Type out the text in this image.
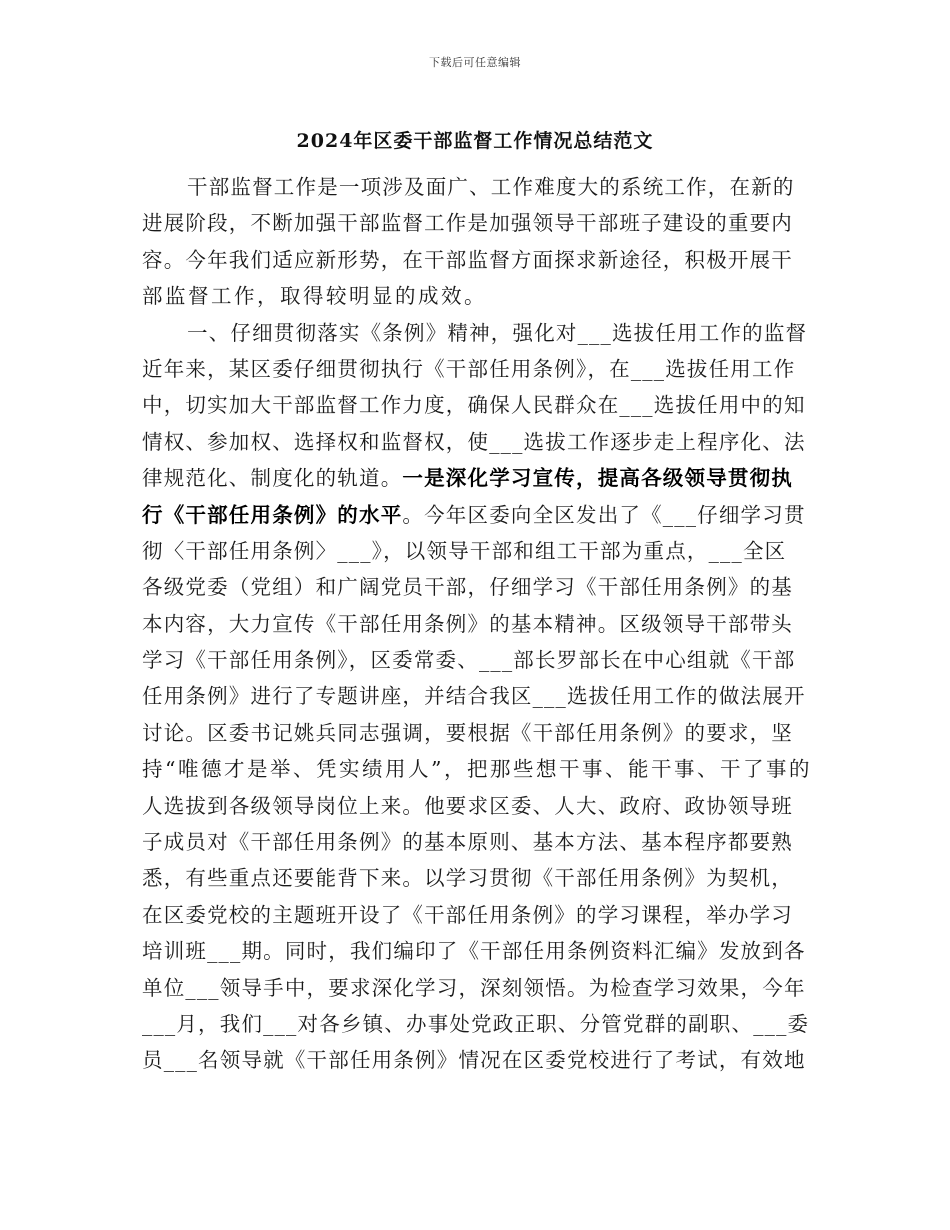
下载后可任意编辑
2024年区委干部监督工作情况总结范文
干部监督工作是一项涉及面广、工作难度大的系统工作，在新的
进展阶段，不断加强干部监督工作是加强领导干部班子建设的重要内
容。今年我们适应新形势，在干部监督方面探求新途径，积极开展干
部监督工作，取得较明显的成效。
一、仔细贯彻落实《条例》精神，强化对___选拔任用工作的监督
近年来，某区委仔细贯彻执行《干部任用条例》，在___选拔任用工作
中，切实加大干部监督工作力度，确保人民群众在___选拔任用中的知
情权、参加权、选择权和监督权，使___选拔工作逐步走上程序化、法
律规范化、制度化的轨道。一是深化学习宣传，提高各级领导贯彻执
行《干部任用条例》的水平。今年区委向全区发出了《___仔细学习贯
彻〈干部任用条例〉___》，以领导干部和组工干部为重点，___全区
各级党委（党组）和广阔党员干部，仔细学习《干部任用条例》的基
本内容，大力宣传《干部任用条例》的基本精神。区级领导干部带头
学习《干部任用条例》，区委常委、___部长罗部长在中心组就《干部
任用条例》进行了专题讲座，并结合我区___选拔任用工作的做法展开
讨论。区委书记姚兵同志强调，要根据《干部任用条例》的要求，坚
持“唯德才是举、凭实绩用人”，把那些想干事、能干事、干了事的
人选拔到各级领导岗位上来。他要求区委、人大、政府、政协领导班
子成员对《干部任用条例》的基本原则、基本方法、基本程序都要熟
悉，有些重点还要能背下来。以学习贯彻《干部任用条例》为契机，
在区委党校的主题班开设了《干部任用条例》的学习课程，举办学习
培训班___期。同时，我们编印了《干部任用条例资料汇编》发放到各
单位___领导手中，要求深化学习，深刻领悟。为检查学习效果，今年
___月，我们___对各乡镇、办事处党政正职、分管党群的副职、___委
员___名领导就《干部任用条例》情况在区委党校进行了考试，有效地
